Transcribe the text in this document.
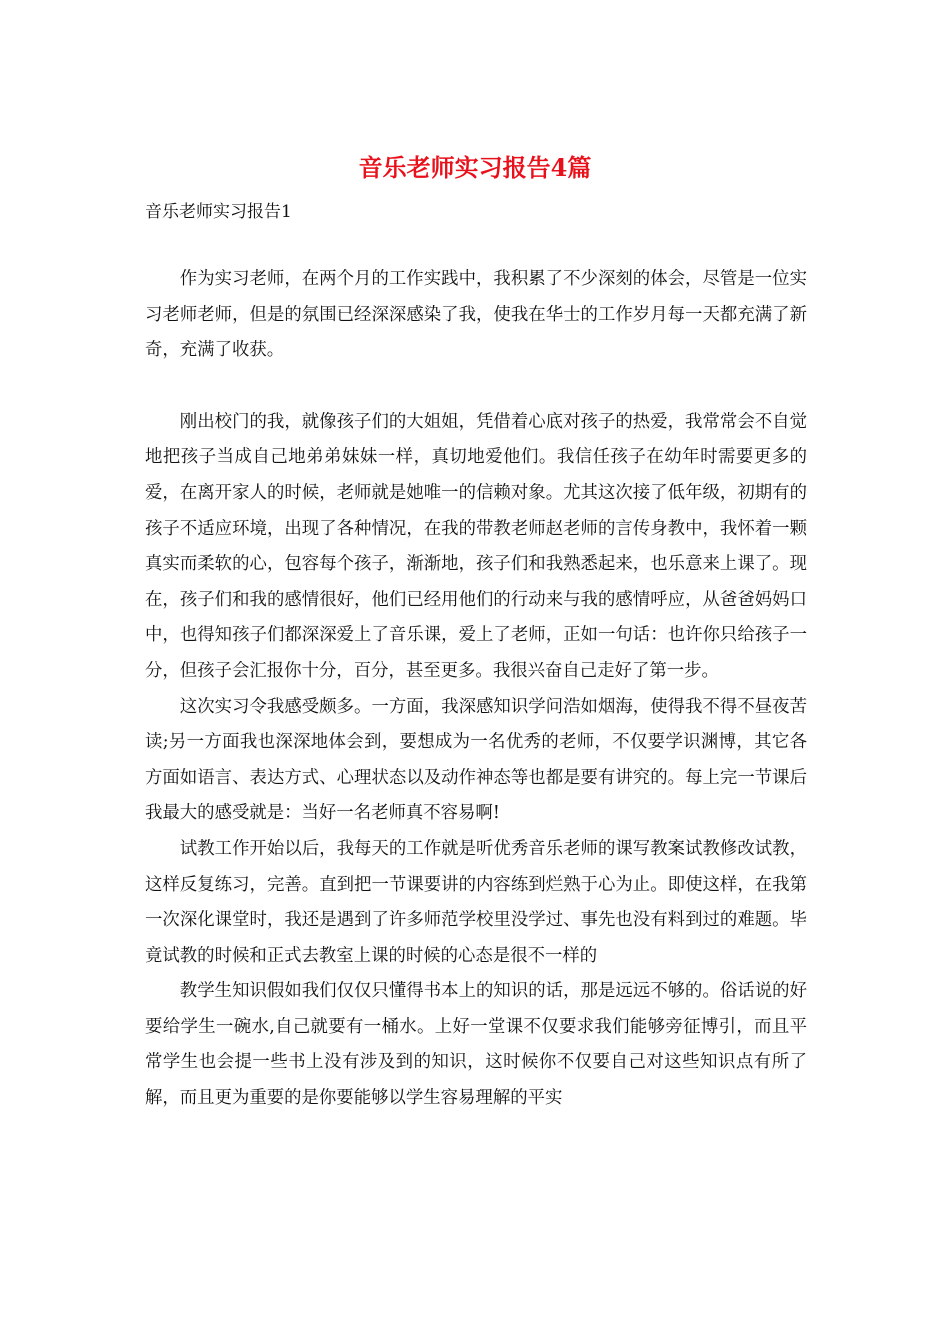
音乐老师实习报告4篇

音乐老师实习报告1

作为实习老师，在两个月的工作实践中，我积累了不少深刻的体会，尽管是一位实习老师老师，但是的氛围已经深深感染了我，使我在华士的工作岁月每一天都充满了新奇，充满了收获。

刚出校门的我，就像孩子们的大姐姐，凭借着心底对孩子的热爱，我常常会不自觉地把孩子当成自己地弟弟妹妹一样，真切地爱他们。我信任孩子在幼年时需要更多的爱，在离开家人的时候，老师就是她唯一的信赖对象。尤其这次接了低年级，初期有的孩子不适应环境，出现了各种情况，在我的带教老师赵老师的言传身教中，我怀着一颗真实而柔软的心，包容每个孩子，渐渐地，孩子们和我熟悉起来，也乐意来上课了。现在，孩子们和我的感情很好，他们已经用他们的行动来与我的感情呼应，从爸爸妈妈口中，也得知孩子们都深深爱上了音乐课，爱上了老师，正如一句话：也许你只给孩子一分，但孩子会汇报你十分，百分，甚至更多。我很兴奋自己走好了第一步。

这次实习令我感受颇多。一方面，我深感知识学问浩如烟海，使得我不得不昼夜苦读;另一方面我也深深地体会到，要想成为一名优秀的老师，不仅要学识渊博，其它各方面如语言、表达方式、心理状态以及动作神态等也都是要有讲究的。每上完一节课后我最大的感受就是：当好一名老师真不容易啊!

试教工作开始以后，我每天的工作就是听优秀音乐老师的课写教案试教修改试教，这样反复练习，完善。直到把一节课要讲的内容练到烂熟于心为止。即使这样，在我第一次深化课堂时，我还是遇到了许多师范学校里没学过、事先也没有料到过的难题。毕竟试教的时候和正式去教室上课的时候的心态是很不一样的

教学生知识假如我们仅仅只懂得书本上的知识的话，那是远远不够的。俗话说的好要给学生一碗水,自己就要有一桶水。上好一堂课不仅要求我们能够旁征博引，而且平常学生也会提一些书上没有涉及到的知识，这时候你不仅要自己对这些知识点有所了解，而且更为重要的是你要能够以学生容易理解的平实
